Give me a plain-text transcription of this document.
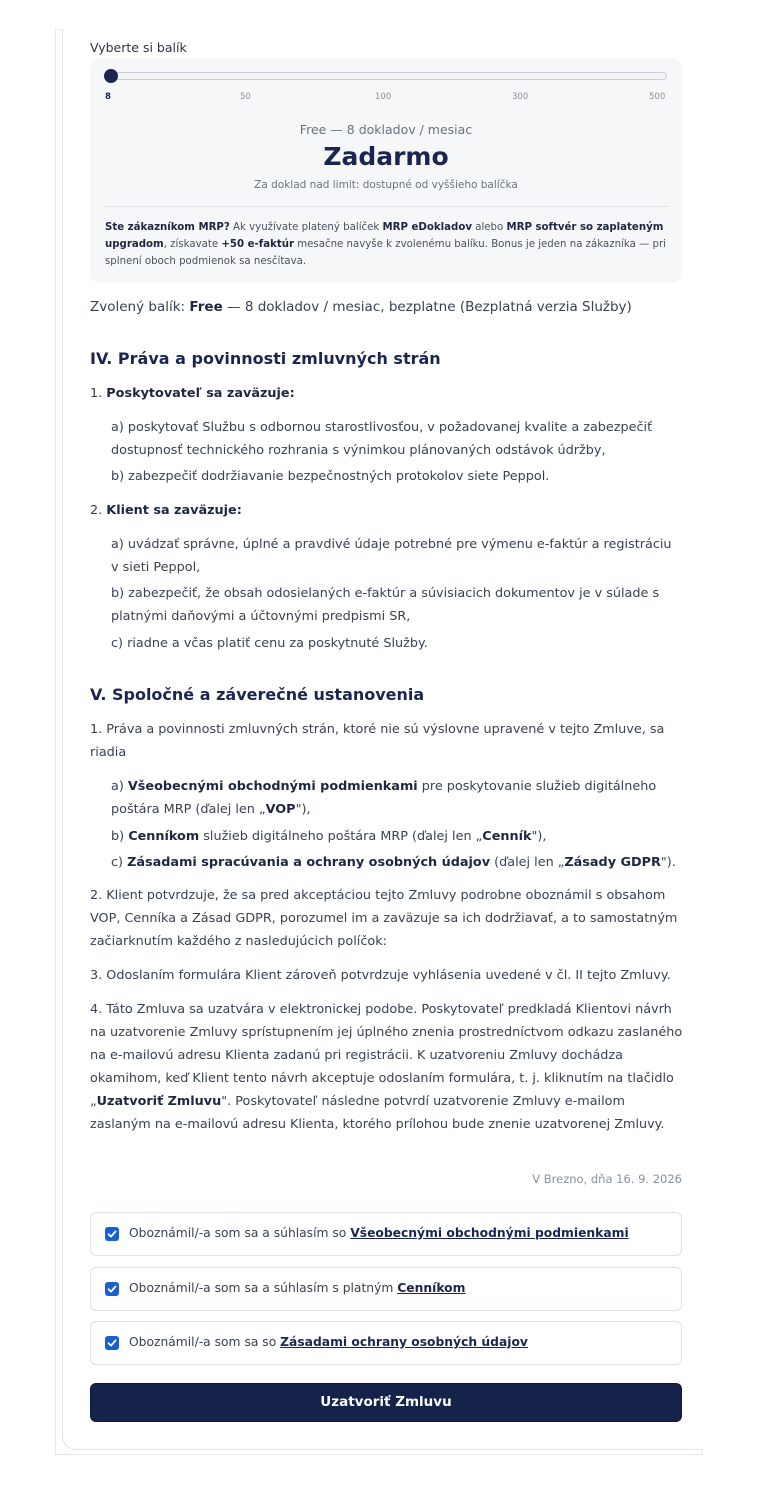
Vyberte si balík
8	50	100	300	500
Free — 8 dokladov / mesiac
Zadarmo
Za doklad nad limit: dostupné od vyššieho balíčka
Ste zákazníkom MRP? Ak využívate platený balíček MRP eDokladov alebo MRP softvér so zaplateným upgradom, získavate +50 e-faktúr mesačne navyše k zvolenému balíku. Bonus je jeden na zákazníka — pri splnení oboch podmienok sa nesčítava.
Zvolený balík: Free — 8 dokladov / mesiac, bezplatne (Bezplatná verzia Služby)
IV. Práva a povinnosti zmluvných strán
1. Poskytovateľ sa zaväzuje:
a) poskytovať Službu s odbornou starostlivosťou, v požadovanej kvalite a zabezpečiť dostupnosť technického rozhrania s výnimkou plánovaných odstávok údržby,
b) zabezpečiť dodržiavanie bezpečnostných protokolov siete Peppol.
2. Klient sa zaväzuje:
a) uvádzať správne, úplné a pravdivé údaje potrebné pre výmenu e-faktúr a registráciu v sieti Peppol,
b) zabezpečiť, že obsah odosielaných e-faktúr a súvisiacich dokumentov je v súlade s platnými daňovými a účtovnými predpismi SR,
c) riadne a včas platiť cenu za poskytnuté Služby.
V. Spoločné a záverečné ustanovenia
1. Práva a povinnosti zmluvných strán, ktoré nie sú výslovne upravené v tejto Zmluve, sa riadia
a) Všeobecnými obchodnými podmienkami pre poskytovanie služieb digitálneho poštára MRP (ďalej len „VOP"),
b) Cenníkom služieb digitálneho poštára MRP (ďalej len „Cenník"),
c) Zásadami spracúvania a ochrany osobných údajov (ďalej len „Zásady GDPR").
2. Klient potvrdzuje, že sa pred akceptáciou tejto Zmluvy podrobne oboznámil s obsahom VOP, Cenníka a Zásad GDPR, porozumel im a zaväzuje sa ich dodržiavať, a to samostatným začiarknutím každého z nasledujúcich políčok:
3. Odoslaním formulára Klient zároveň potvrdzuje vyhlásenia uvedené v čl. II tejto Zmluvy.
4. Táto Zmluva sa uzatvára v elektronickej podobe. Poskytovateľ predkladá Klientovi návrh na uzatvorenie Zmluvy sprístupnením jej úplného znenia prostredníctvom odkazu zaslaného na e-mailovú adresu Klienta zadanú pri registrácii. K uzatvoreniu Zmluvy dochádza okamihom, keď Klient tento návrh akceptuje odoslaním formulára, t. j. kliknutím na tlačidlo „Uzatvoriť Zmluvu". Poskytovateľ následne potvrdí uzatvorenie Zmluvy e-mailom zaslaným na e-mailovú adresu Klienta, ktorého prílohou bude znenie uzatvorenej Zmluvy.
V Brezno, dňa 16. 9. 2026
Oboznámil/-a som sa a súhlasím so Všeobecnými obchodnými podmienkami
Oboznámil/-a som sa a súhlasím s platným Cenníkom
Oboznámil/-a som sa so Zásadami ochrany osobných údajov
Uzatvoriť Zmluvu
